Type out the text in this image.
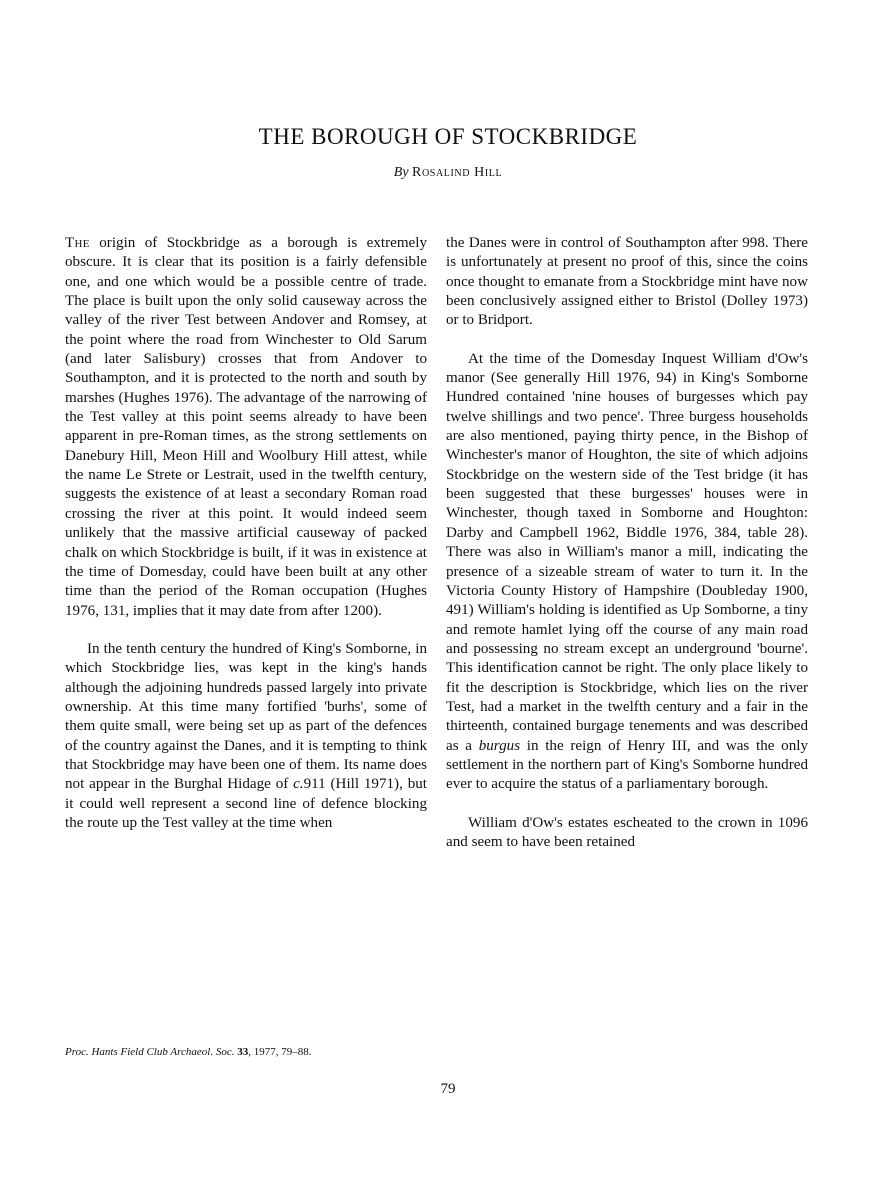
THE BOROUGH OF STOCKBRIDGE
By Rosalind Hill

The origin of Stockbridge as a borough is extremely obscure. It is clear that its position is a fairly defensible one, and one which would be a possible centre of trade. The place is built upon the only solid causeway across the valley of the river Test between Andover and Romsey, at the point where the road from Winchester to Old Sarum (and later Salisbury) crosses that from Andover to Southampton, and it is protected to the north and south by marshes (Hughes 1976). The advantage of the narrowing of the Test valley at this point seems already to have been apparent in pre-Roman times, as the strong settlements on Danebury Hill, Meon Hill and Woolbury Hill attest, while the name Le Strete or Lestrait, used in the twelfth century, suggests the existence of at least a secondary Roman road crossing the river at this point. It would indeed seem unlikely that the massive artificial causeway of packed chalk on which Stockbridge is built, if it was in existence at the time of Domesday, could have been built at any other time than the period of the Roman occupation (Hughes 1976, 131, implies that it may date from after 1200).

In the tenth century the hundred of King's Somborne, in which Stockbridge lies, was kept in the king's hands although the adjoining hundreds passed largely into private ownership. At this time many fortified 'burhs', some of them quite small, were being set up as part of the defences of the country against the Danes, and it is tempting to think that Stockbridge may have been one of them. Its name does not appear in the Burghal Hidage of c.911 (Hill 1971), but it could well represent a second line of defence blocking the route up the Test valley at the time when

the Danes were in control of Southampton after 998. There is unfortunately at present no proof of this, since the coins once thought to emanate from a Stockbridge mint have now been conclusively assigned either to Bristol (Dolley 1973) or to Bridport.

At the time of the Domesday Inquest William d'Ow's manor (See generally Hill 1976, 94) in King's Somborne Hundred contained 'nine houses of burgesses which pay twelve shillings and two pence'. Three burgess households are also mentioned, paying thirty pence, in the Bishop of Winchester's manor of Houghton, the site of which adjoins Stockbridge on the western side of the Test bridge (it has been suggested that these burgesses' houses were in Winchester, though taxed in Somborne and Houghton: Darby and Campbell 1962, Biddle 1976, 384, table 28). There was also in William's manor a mill, indicating the presence of a sizeable stream of water to turn it. In the Victoria County History of Hampshire (Doubleday 1900, 491) William's holding is identified as Up Somborne, a tiny and remote hamlet lying off the course of any main road and possessing no stream except an underground 'bourne'. This identification cannot be right. The only place likely to fit the description is Stockbridge, which lies on the river Test, had a market in the twelfth century and a fair in the thirteenth, contained burgage tenements and was described as a burgus in the reign of Henry III, and was the only settlement in the northern part of King's Somborne hundred ever to acquire the status of a parliamentary borough.

William d'Ow's estates escheated to the crown in 1096 and seem to have been retained

Proc. Hants Field Club Archaeol. Soc. 33, 1977, 79–88.
79
